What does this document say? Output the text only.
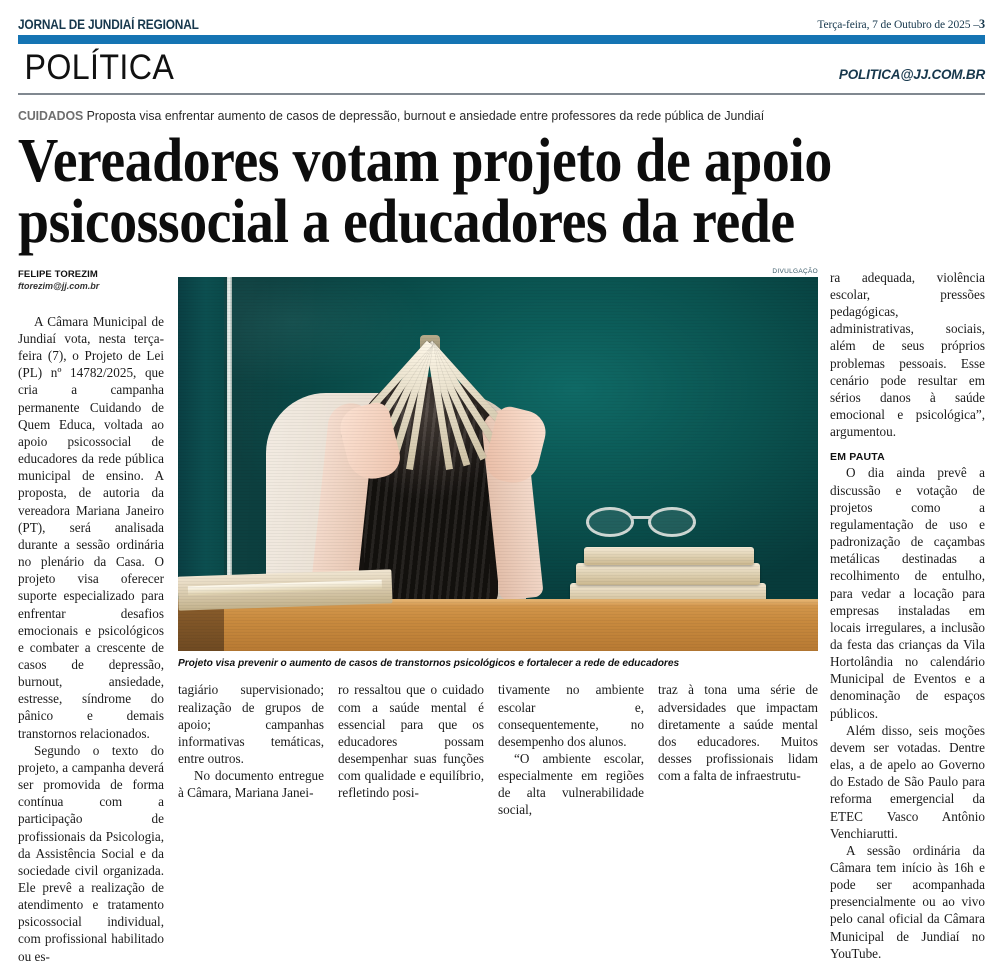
JORNAL DE JUNDIAÍ REGIONAL	Terça-feira, 7 de Outubro de 2025 –3
POLÍTICA	POLITICA@JJ.COM.BR
CUIDADOS Proposta visa enfrentar aumento de casos de depressão, burnout e ansiedade entre professores da rede pública de Jundiaí
Vereadores votam projeto de apoio
psicossocial a educadores da rede
FELIPE TOREZIM
ftorezim@jj.com.br

A Câmara Municipal de Jundiaí vota, nesta terça-feira (7), o Projeto de Lei (PL) nº 14782/2025, que cria a campanha permanente Cuidando de Quem Educa, voltada ao apoio psicossocial de educadores da rede pública municipal de ensino. A proposta, de autoria da vereadora Mariana Janeiro (PT), será analisada durante a sessão ordinária no plenário da Casa. O projeto visa oferecer suporte especializado para enfrentar desafios emocionais e psicológicos e combater a crescente de casos de depressão, burnout, ansiedade, estresse, síndrome do pânico e demais transtornos relacionados.

Segundo o texto do projeto, a campanha deverá ser promovida de forma contínua com a participação de profissionais da Psicologia, da Assistência Social e da sociedade civil organizada. Ele prevê a realização de atendimento e tratamento psicossocial individual, com profissional habilitado ou es-

DIVULGAÇÃO
Projeto visa prevenir o aumento de casos de transtornos psicológicos e fortalecer a rede de educadores

tagiário supervisionado; realização de grupos de apoio; campanhas informativas temáticas, entre outros.

No documento entregue à Câmara, Mariana Janei-

ro ressaltou que o cuidado com a saúde mental é essencial para que os educadores possam desempenhar suas funções com qualidade e equilíbrio, refletindo posi-

tivamente no ambiente escolar e, consequentemente, no desempenho dos alunos.

“O ambiente escolar, especialmente em regiões de alta vulnerabilidade social,

traz à tona uma série de adversidades que impactam diretamente a saúde mental dos educadores. Muitos desses profissionais lidam com a falta de infraestrutu-

ra adequada, violência escolar, pressões pedagógicas, administrativas, sociais, além de seus próprios problemas pessoais. Esse cenário pode resultar em sérios danos à saúde emocional e psicológica”, argumentou.

EM PAUTA

O dia ainda prevê a discussão e votação de projetos como a regulamentação de uso e padronização de caçambas metálicas destinadas a recolhimento de entulho, para vedar a locação para empresas instaladas em locais irregulares, a inclusão da festa das crianças da Vila Hortolândia no calendário Municipal de Eventos e a denominação de espaços públicos.

Além disso, seis moções devem ser votadas. Dentre elas, a de apelo ao Governo do Estado de São Paulo para reforma emergencial da ETEC Vasco Antônio Venchiarutti.

A sessão ordinária da Câmara tem início às 16h e pode ser acompanhada presencialmente ou ao vivo pelo canal oficial da Câmara Municipal de Jundiaí no YouTube.
